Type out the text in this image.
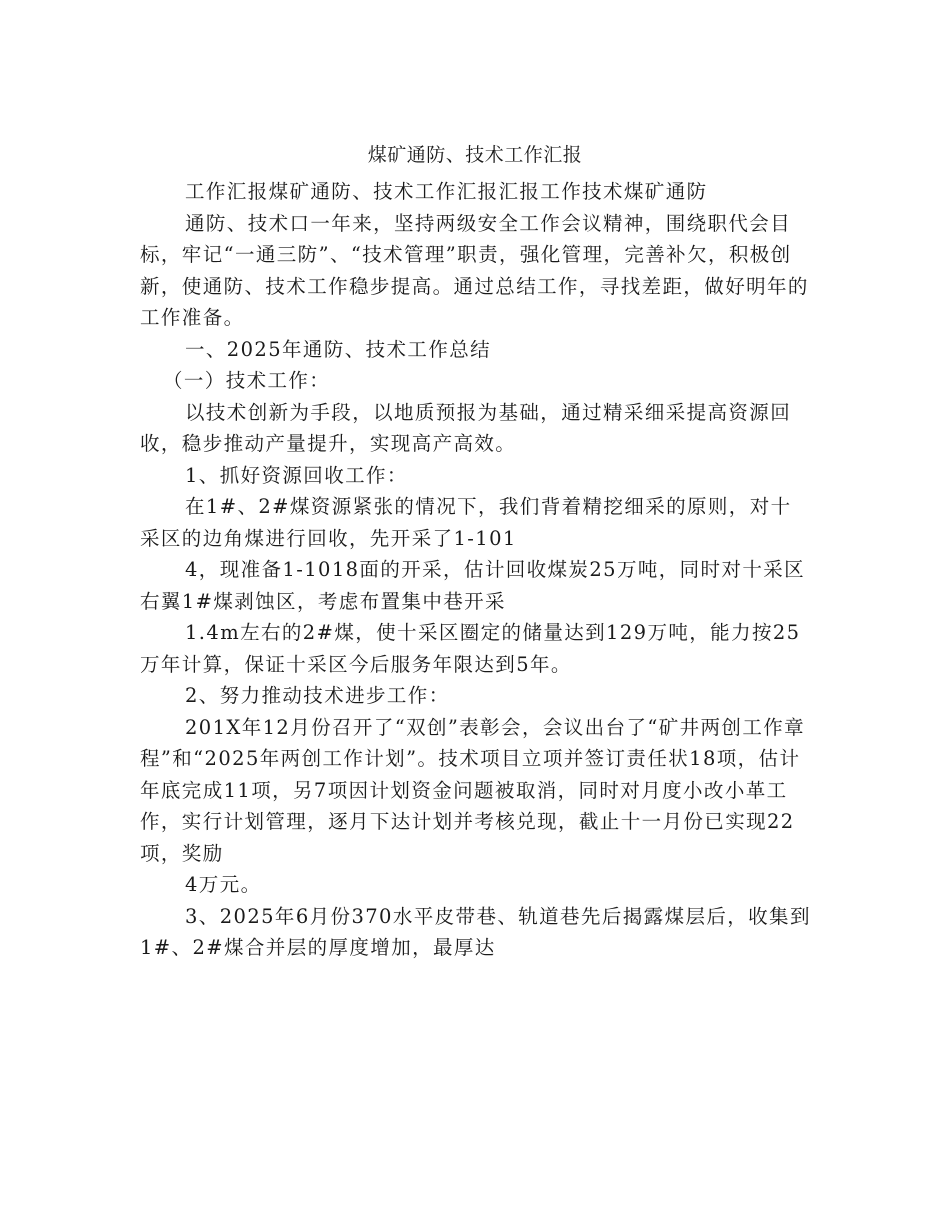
煤矿通防、技术工作汇报

工作汇报煤矿通防、技术工作汇报汇报工作技术煤矿通防

通防、技术口一年来，坚持两级安全工作会议精神，围绕职代会目标，牢记“一通三防”、“技术管理”职责，强化管理，完善补欠，积极创新，使通防、技术工作稳步提高。通过总结工作，寻找差距，做好明年的工作准备。

一、2025年通防、技术工作总结

（一）技术工作：

以技术创新为手段，以地质预报为基础，通过精采细采提高资源回收，稳步推动产量提升，实现高产高效。

1、抓好资源回收工作：

在1#、2#煤资源紧张的情况下，我们背着精挖细采的原则，对十采区的边角煤进行回收，先开采了1-101

4，现准备1-1018面的开采，估计回收煤炭25万吨，同时对十采区右翼1#煤剥蚀区，考虑布置集中巷开采

1.4m左右的2#煤，使十采区圈定的储量达到129万吨，能力按25万年计算，保证十采区今后服务年限达到5年。

2、努力推动技术进步工作：

201X年12月份召开了“双创”表彰会，会议出台了“矿井两创工作章程”和“2025年两创工作计划”。技术项目立项并签订责任状18项，估计年底完成11项，另7项因计划资金问题被取消，同时对月度小改小革工作，实行计划管理，逐月下达计划并考核兑现，截止十一月份已实现22项，奖励

4万元。

3、2025年6月份370水平皮带巷、轨道巷先后揭露煤层后，收集到1#、2#煤合并层的厚度增加，最厚达
